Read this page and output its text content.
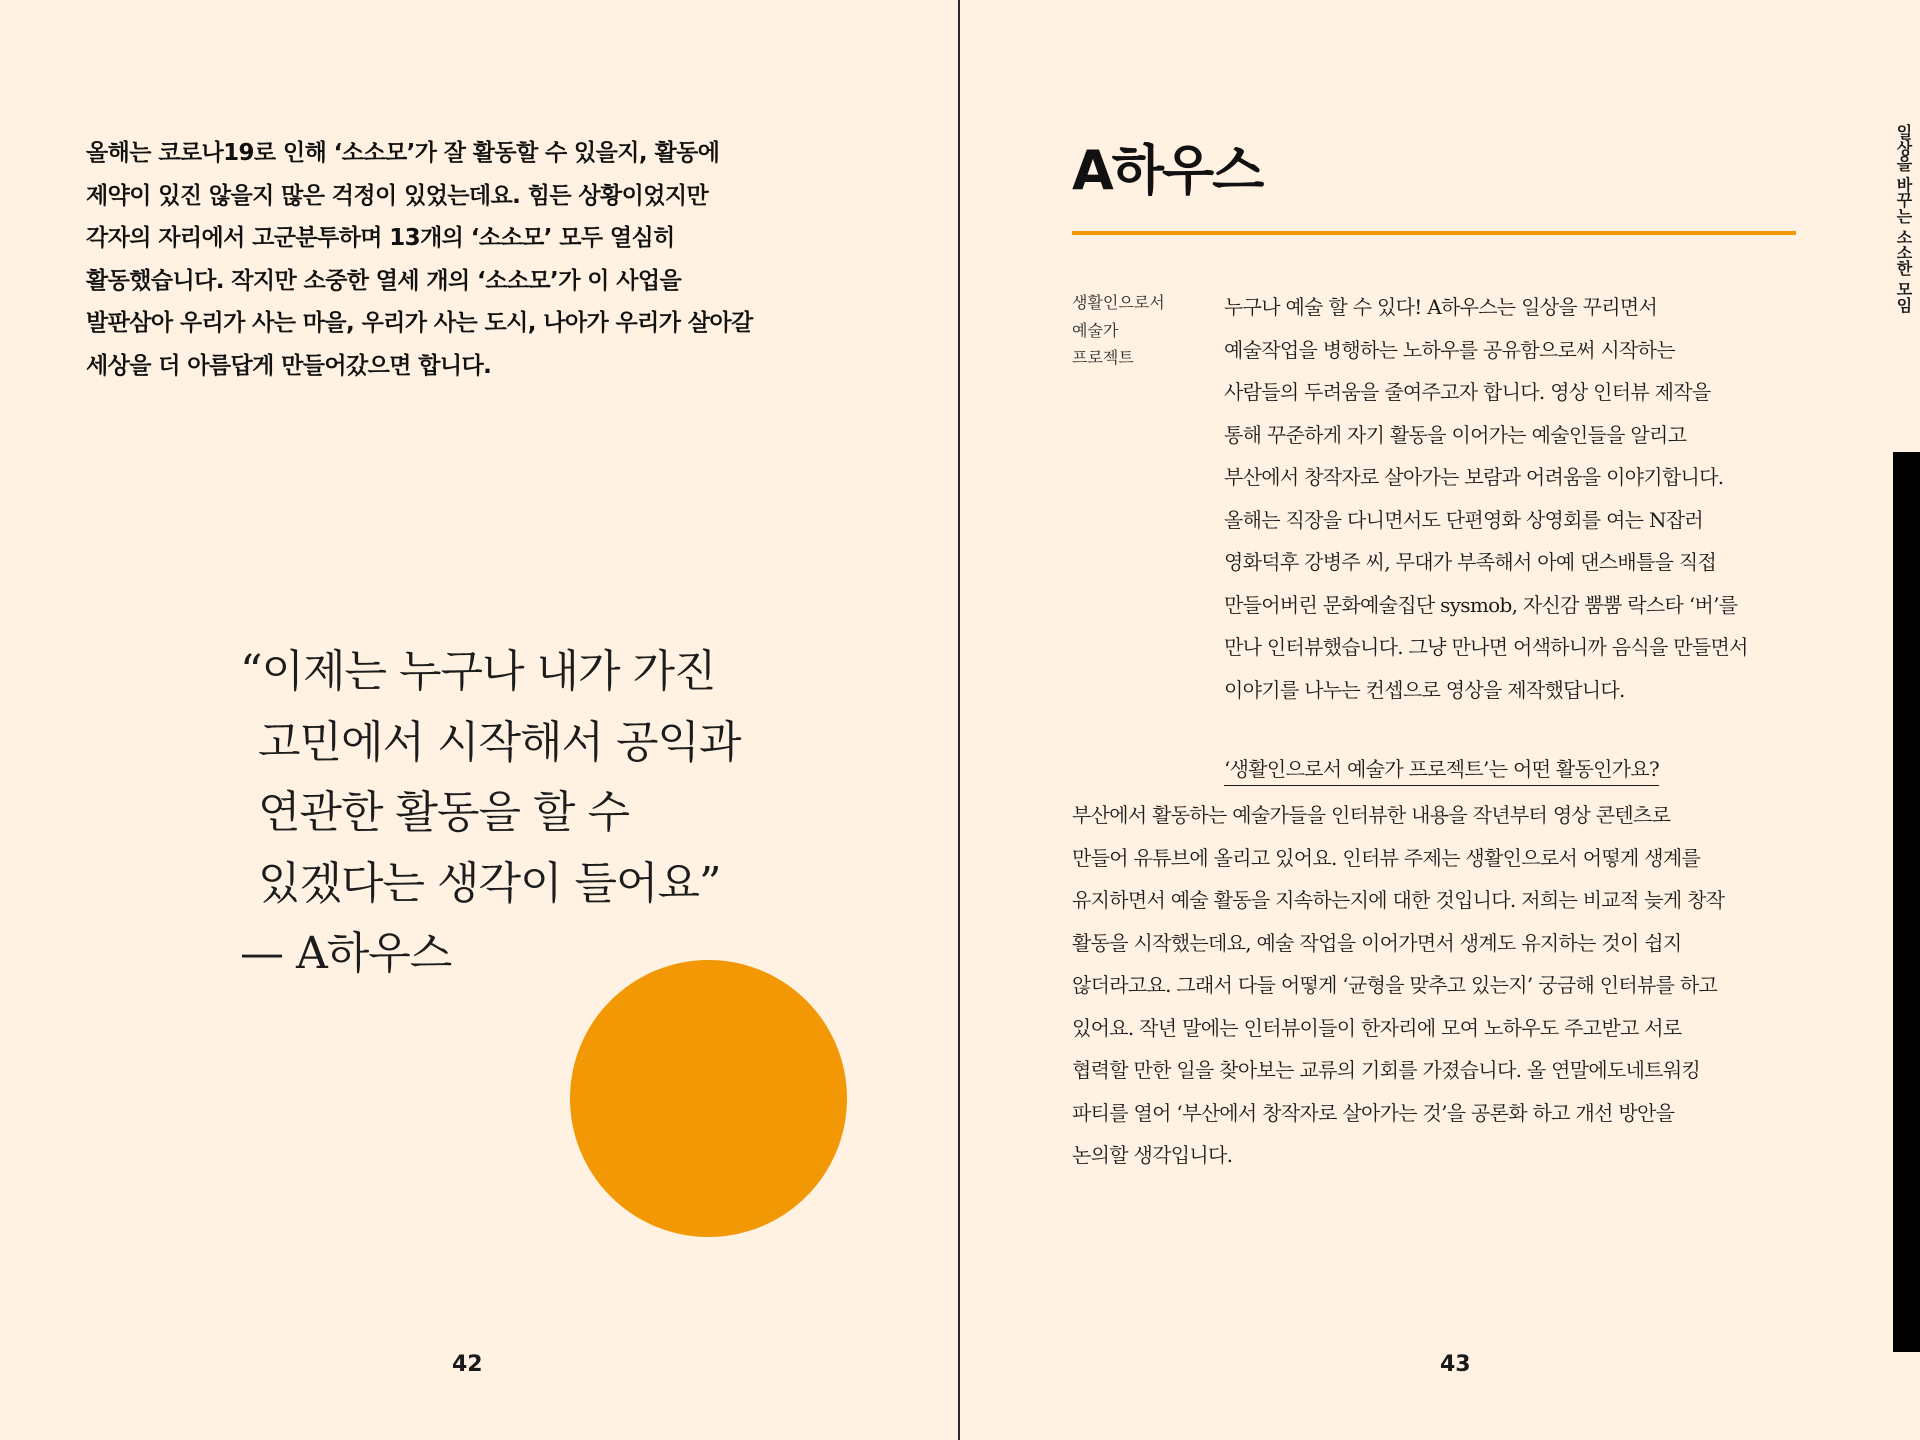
올해는 코로나19로 인해 ‘소소모’가 잘 활동할 수 있을지, 활동에
제약이 있진 않을지 많은 걱정이 있었는데요. 힘든 상황이었지만
각자의 자리에서 고군분투하며 13개의 ‘소소모’ 모두 열심히
활동했습니다. 작지만 소중한 열세 개의 ‘소소모’가 이 사업을
발판삼아 우리가 사는 마을, 우리가 사는 도시, 나아가 우리가 살아갈
세상을 더 아름답게 만들어갔으면 합니다.
“이제는 누구나 내가 가진
고민에서 시작해서 공익과
연관한 활동을 할 수
있겠다는 생각이 들어요”
— A하우스
42
A하우스
생활인으로서
예술가
프로젝트
누구나 예술 할 수 있다! A하우스는 일상을 꾸리면서
예술작업을 병행하는 노하우를 공유함으로써 시작하는
사람들의 두려움을 줄여주고자 합니다. 영상 인터뷰 제작을
통해 꾸준하게 자기 활동을 이어가는 예술인들을 알리고
부산에서 창작자로 살아가는 보람과 어려움을 이야기합니다.
올해는 직장을 다니면서도 단편영화 상영회를 여는 N잡러
영화덕후 강병주 씨, 무대가 부족해서 아예 댄스배틀을 직접
만들어버린 문화예술집단 sysmob, 자신감 뿜뿜 락스타 ‘버’를
만나 인터뷰했습니다. 그냥 만나면 어색하니까 음식을 만들면서
이야기를 나누는 컨셉으로 영상을 제작했답니다.
‘생활인으로서 예술가 프로젝트’는 어떤 활동인가요?
부산에서 활동하는 예술가들을 인터뷰한 내용을 작년부터 영상 콘텐츠로
만들어 유튜브에 올리고 있어요. 인터뷰 주제는 생활인으로서 어떻게 생계를
유지하면서 예술 활동을 지속하는지에 대한 것입니다. 저희는 비교적 늦게 창작
활동을 시작했는데요, 예술 작업을 이어가면서 생계도 유지하는 것이 쉽지
않더라고요. 그래서 다들 어떻게 ‘균형을 맞추고 있는지’ 궁금해 인터뷰를 하고
있어요. 작년 말에는 인터뷰이들이 한자리에 모여 노하우도 주고받고 서로
협력할 만한 일을 찾아보는 교류의 기회를 가졌습니다. 올 연말에도네트워킹
파티를 열어 ‘부산에서 창작자로 살아가는 것’을 공론화 하고 개선 방안을
논의할 생각입니다.
일상을 바꾸는 소소한 모임
43
